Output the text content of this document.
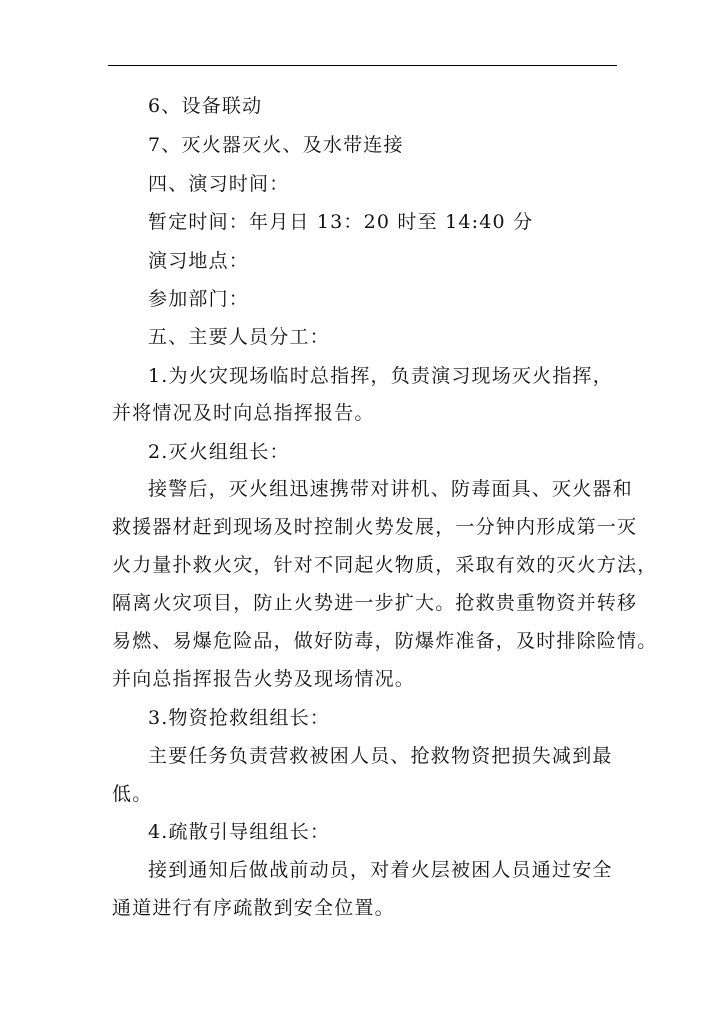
6、设备联动
7、灭火器灭火、及水带连接
四、演习时间：
暂定时间：年月日 13：20 时至 14:40 分
演习地点：
参加部门：
五、主要人员分工：
1.为火灾现场临时总指挥，负责演习现场灭火指挥，
并将情况及时向总指挥报告。
2.灭火组组长：
接警后，灭火组迅速携带对讲机、防毒面具、灭火器和
救援器材赶到现场及时控制火势发展，一分钟内形成第一灭
火力量扑救火灾，针对不同起火物质，采取有效的灭火方法，
隔离火灾项目，防止火势进一步扩大。抢救贵重物资并转移
易燃、易爆危险品，做好防毒，防爆炸准备，及时排除险情。
并向总指挥报告火势及现场情况。
3.物资抢救组组长：
主要任务负责营救被困人员、抢救物资把损失减到最
低。
4.疏散引导组组长：
接到通知后做战前动员，对着火层被困人员通过安全
通道进行有序疏散到安全位置。
